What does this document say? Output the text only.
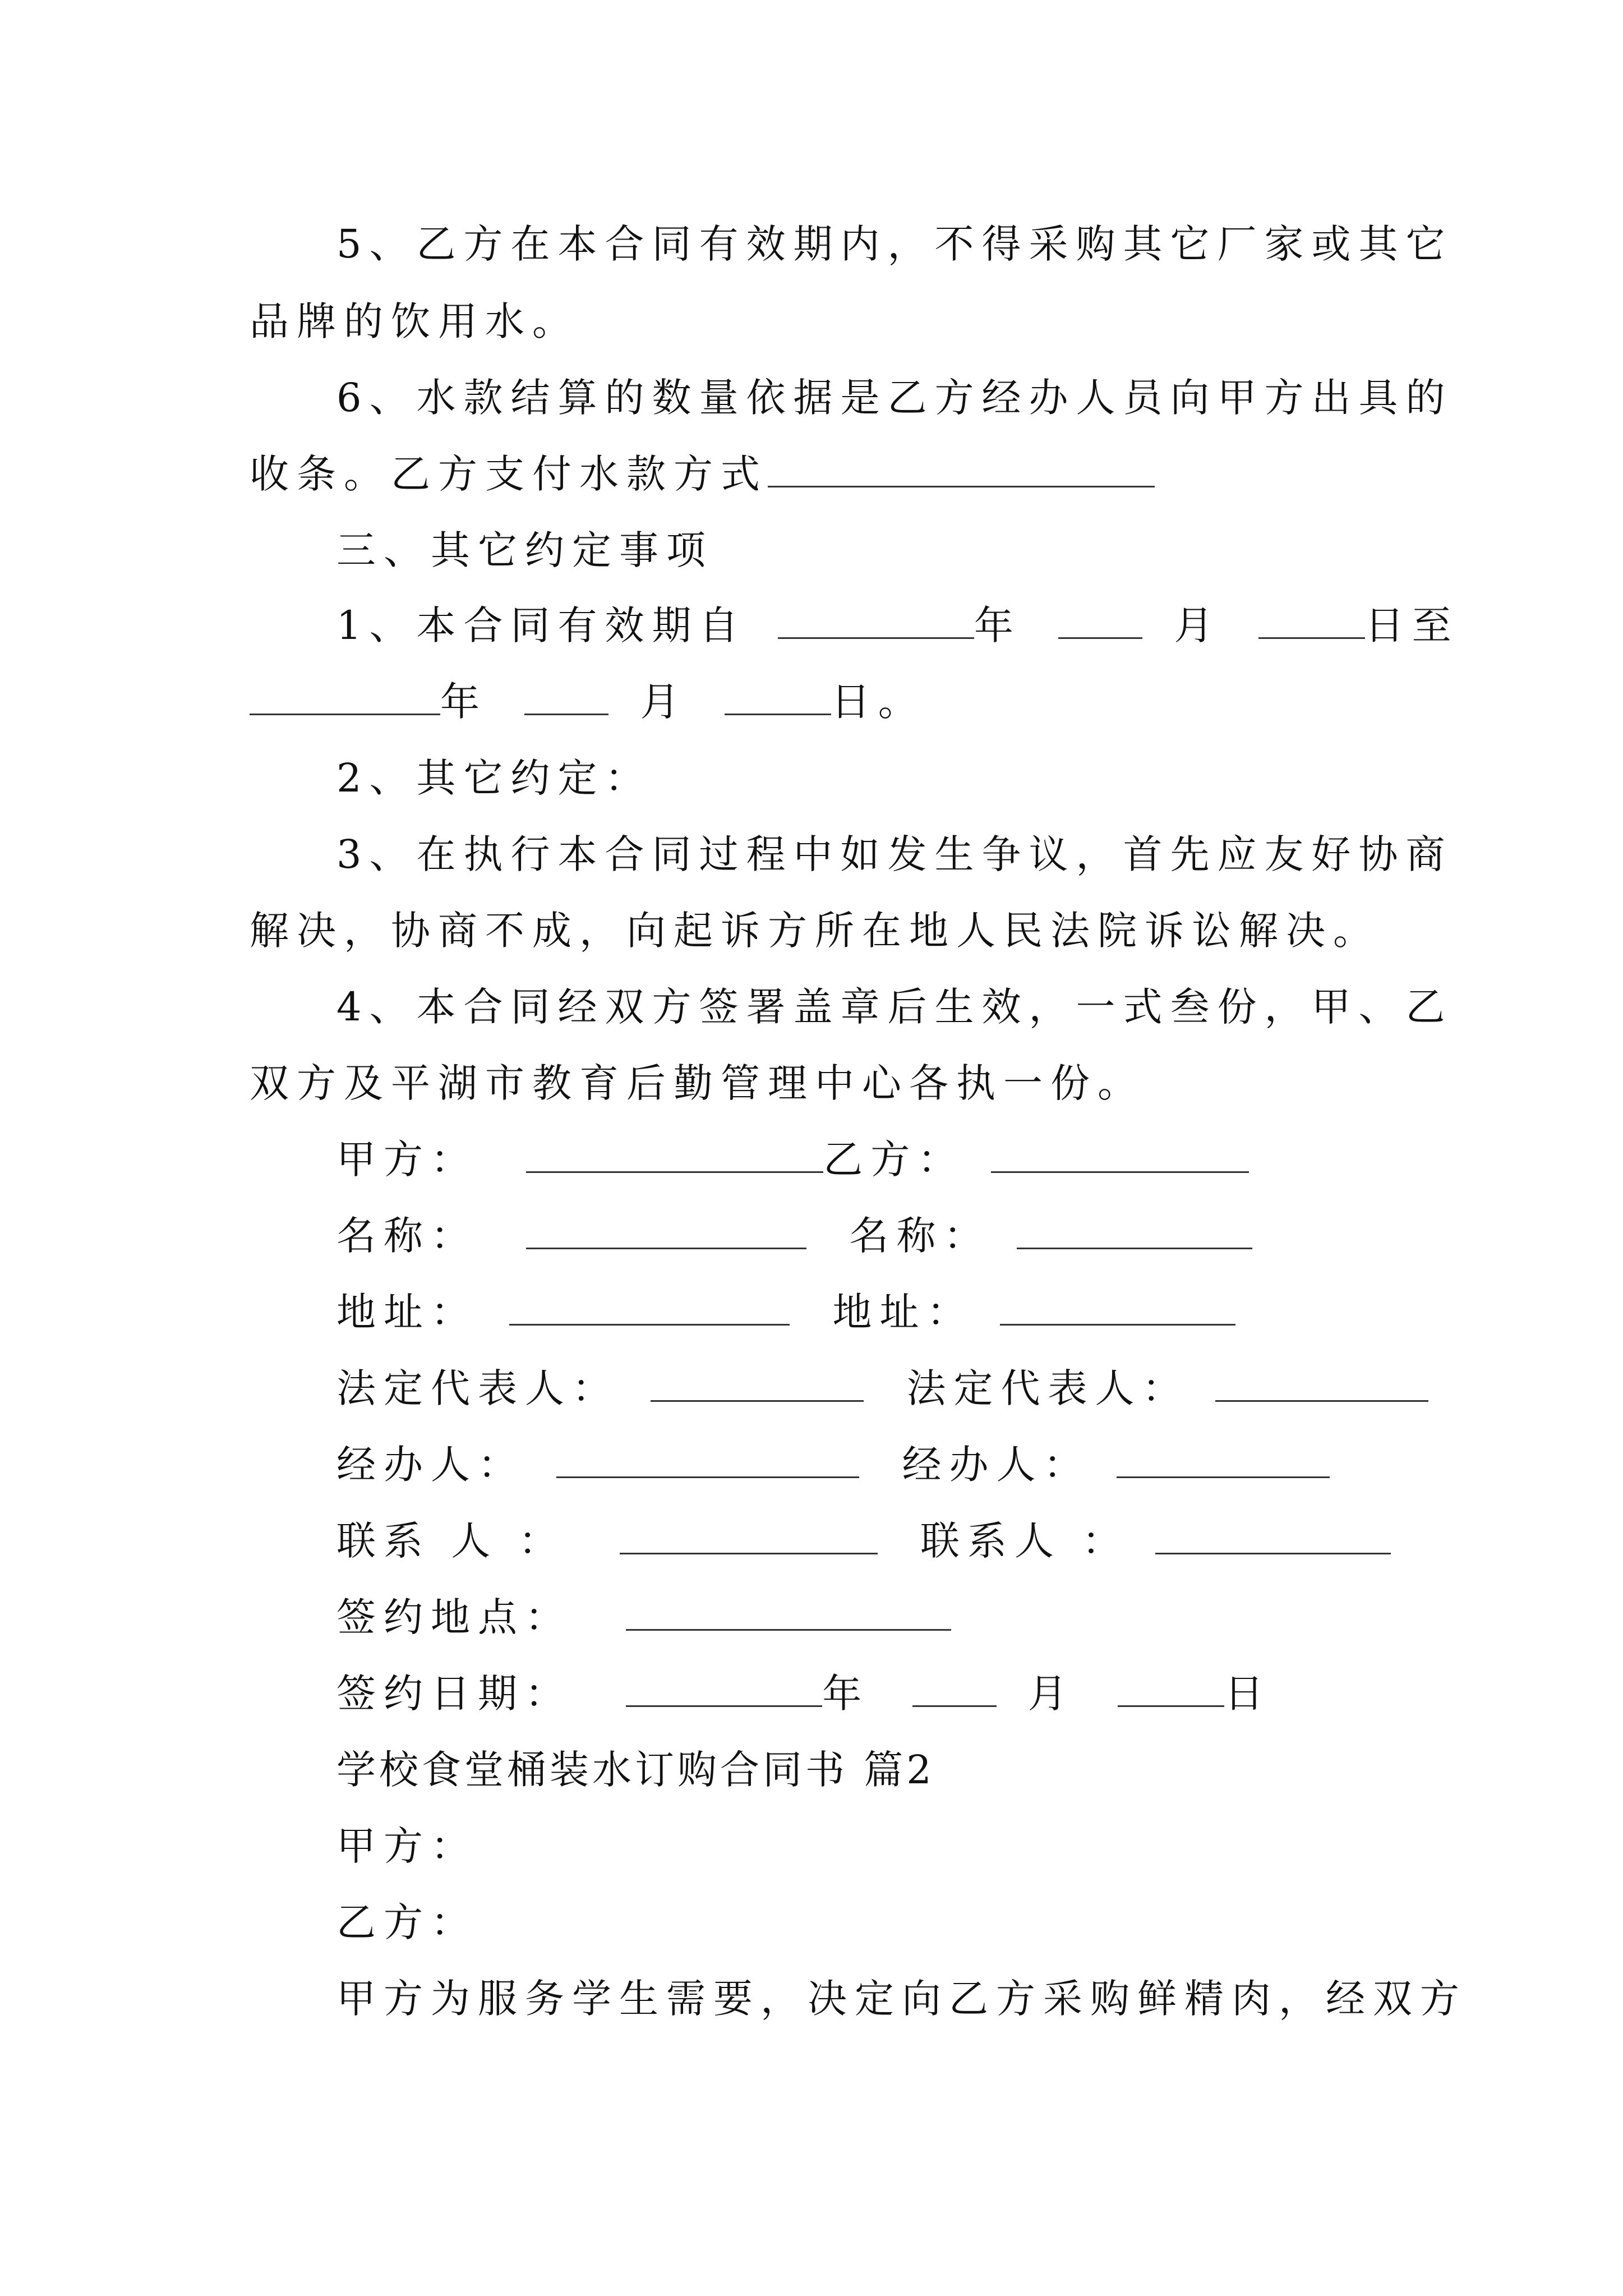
5、乙方在本合同有效期内，不得采购其它厂家或其它
品牌的饮用水。
6、水款结算的数量依据是乙方经办人员向甲方出具的
收条。乙方支付水款方式
三、其它约定事项
1、本合同有效期自	年	月	日至
年	月	日。
2、其它约定：
3、在执行本合同过程中如发生争议，首先应友好协商
解决，协商不成，向起诉方所在地人民法院诉讼解决。
4、本合同经双方签署盖章后生效，一式叁份，甲、乙
双方及平湖市教育后勤管理中心各执一份。
甲方：	乙方：
名称：	名称：
地址：	地址：
法定代表人：	法定代表人：
经办人：	经办人：
联系 人 ：	联系人 ：
签约地点：
签约日期：	年	月	日
学校食堂桶装水订购合同书 篇2
甲方：
乙方：
甲方为服务学生需要，决定向乙方采购鲜精肉，经双方
